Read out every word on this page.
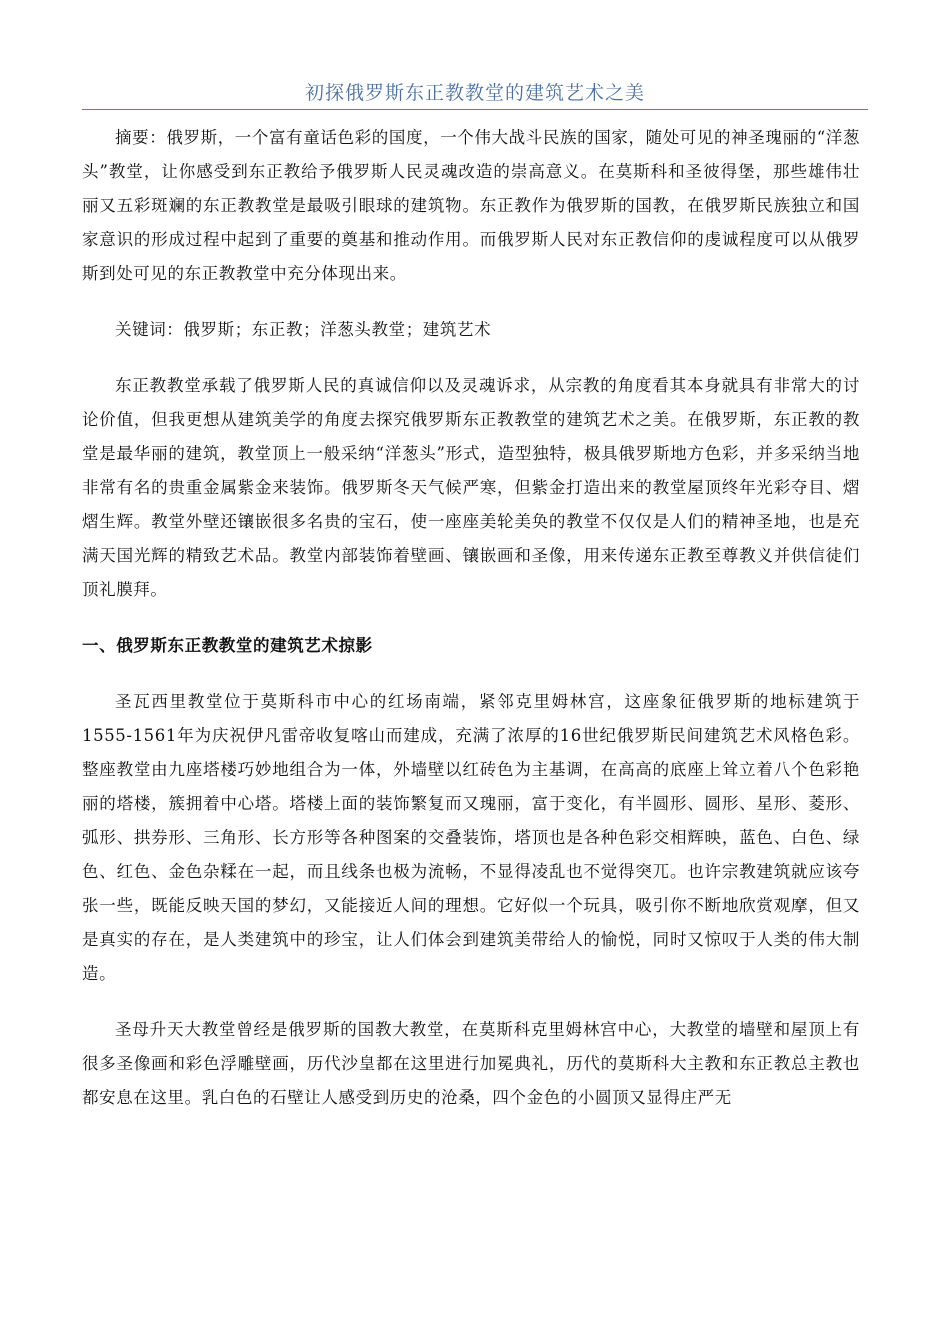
初探俄罗斯东正教教堂的建筑艺术之美

摘要：俄罗斯，一个富有童话色彩的国度，一个伟大战斗民族的国家，随处可见的神圣瑰丽的“洋葱头”教堂，让你感受到东正教给予俄罗斯人民灵魂改造的崇高意义。在莫斯科和圣彼得堡，那些雄伟壮丽又五彩斑斓的东正教教堂是最吸引眼球的建筑物。东正教作为俄罗斯的国教，在俄罗斯民族独立和国家意识的形成过程中起到了重要的奠基和推动作用。而俄罗斯人民对东正教信仰的虔诚程度可以从俄罗斯到处可见的东正教教堂中充分体现出来。

关键词：俄罗斯；东正教；洋葱头教堂；建筑艺术

东正教教堂承载了俄罗斯人民的真诚信仰以及灵魂诉求，从宗教的角度看其本身就具有非常大的讨论价值，但我更想从建筑美学的角度去探究俄罗斯东正教教堂的建筑艺术之美。在俄罗斯，东正教的教堂是最华丽的建筑，教堂顶上一般采纳“洋葱头”形式，造型独特，极具俄罗斯地方色彩，并多采纳当地非常有名的贵重金属紫金来装饰。俄罗斯冬天气候严寒，但紫金打造出来的教堂屋顶终年光彩夺目、熠熠生辉。教堂外壁还镶嵌很多名贵的宝石，使一座座美轮美奂的教堂不仅仅是人们的精神圣地，也是充满天国光辉的精致艺术品。教堂内部装饰着壁画、镶嵌画和圣像，用来传递东正教至尊教义并供信徒们顶礼膜拜。

一、俄罗斯东正教教堂的建筑艺术掠影

圣瓦西里教堂位于莫斯科市中心的红场南端，紧邻克里姆林宫，这座象征俄罗斯的地标建筑于1555-1561年为庆祝伊凡雷帝收复喀山而建成，充满了浓厚的16世纪俄罗斯民间建筑艺术风格色彩。整座教堂由九座塔楼巧妙地组合为一体，外墙壁以红砖色为主基调，在高高的底座上耸立着八个色彩艳丽的塔楼，簇拥着中心塔。塔楼上面的装饰繁复而又瑰丽，富于变化，有半圆形、圆形、星形、菱形、弧形、拱券形、三角形、长方形等各种图案的交叠装饰，塔顶也是各种色彩交相辉映，蓝色、白色、绿色、红色、金色杂糅在一起，而且线条也极为流畅，不显得凌乱也不觉得突兀。也许宗教建筑就应该夸张一些，既能反映天国的梦幻，又能接近人间的理想。它好似一个玩具，吸引你不断地欣赏观摩，但又是真实的存在，是人类建筑中的珍宝，让人们体会到建筑美带给人的愉悦，同时又惊叹于人类的伟大制造。

圣母升天大教堂曾经是俄罗斯的国教大教堂，在莫斯科克里姆林宫中心，大教堂的墙壁和屋顶上有很多圣像画和彩色浮雕壁画，历代沙皇都在这里进行加冕典礼，历代的莫斯科大主教和东正教总主教也都安息在这里。乳白色的石壁让人感受到历史的沧桑，四个金色的小圆顶又显得庄严无
